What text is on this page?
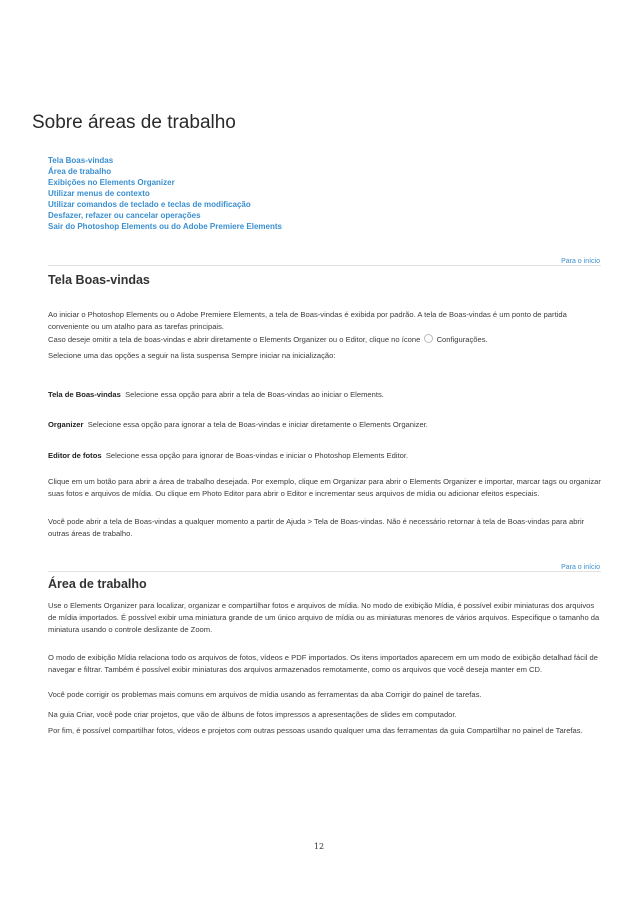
Sobre áreas de trabalho
Tela Boas-vindas
Área de trabalho
Exibições no Elements Organizer
Utilizar menus de contexto
Utilizar comandos de teclado e teclas de modificação
Desfazer, refazer ou cancelar operações
Sair do Photoshop Elements ou do Adobe Premiere Elements
Para o início
Tela Boas-vindas

Ao iniciar o Photoshop Elements ou o Adobe Premiere Elements, a tela de Boas-vindas é exibida por padrão. A tela de Boas-vindas é um ponto de partida conveniente ou um atalho para as tarefas principais.

Caso deseje omitir a tela de boas-vindas e abrir diretamente o Elements Organizer ou o Editor, clique no ícone Configurações.

Selecione uma das opções a seguir na lista suspensa Sempre iniciar na inicialização:

Tela de Boas-vindas Selecione essa opção para abrir a tela de Boas-vindas ao iniciar o Elements.

Organizer Selecione essa opção para ignorar a tela de Boas-vindas e iniciar diretamente o Elements Organizer.

Editor de fotos Selecione essa opção para ignorar de Boas-vindas e iniciar o Photoshop Elements Editor.

Clique em um botão para abrir a área de trabalho desejada. Por exemplo, clique em Organizar para abrir o Elements Organizer e importar, marcar tags ou organizar suas fotos e arquivos de mídia. Ou clique em Photo Editor para abrir o Editor e incrementar seus arquivos de mídia ou adicionar efeitos especiais.

Você pode abrir a tela de Boas-vindas a qualquer momento a partir de Ajuda > Tela de Boas-vindas. Não é necessário retornar à tela de Boas-vindas para abrir outras áreas de trabalho.

Para o início
Área de trabalho

Use o Elements Organizer para localizar, organizar e compartilhar fotos e arquivos de mídia. No modo de exibição Mídia, é possível exibir miniaturas dos arquivos de mídia importados. É possível exibir uma miniatura grande de um único arquivo de mídia ou as miniaturas menores de vários arquivos. Especifique o tamanho da miniatura usando o controle deslizante de Zoom.

O modo de exibição Mídia relaciona todo os arquivos de fotos, vídeos e PDF importados. Os itens importados aparecem em um modo de exibição detalhad fácil de navegar e filtrar. Também é possível exibir miniaturas dos arquivos armazenados remotamente, como os arquivos que você deseja manter em CD.

Você pode corrigir os problemas mais comuns em arquivos de mídia usando as ferramentas da aba Corrigir do painel de tarefas.

Na guia Criar, você pode criar projetos, que vão de álbuns de fotos impressos a apresentações de slides em computador.

Por fim, é possível compartilhar fotos, vídeos e projetos com outras pessoas usando qualquer uma das ferramentas da guia Compartilhar no painel de Tarefas.

12
